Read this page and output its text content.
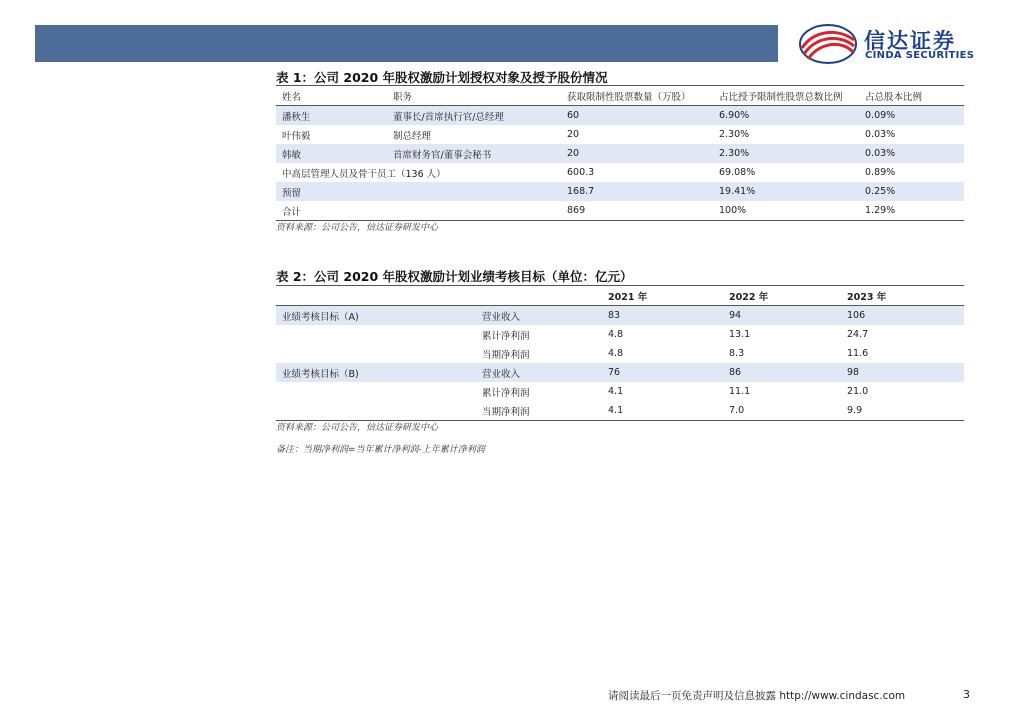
信达证券
CINDA SECURITIES
表 1：公司 2020 年股权激励计划授权对象及授予股份情况
姓名	职务	获取限制性股票数量（万股）	占比授予限制性股票总数比例	占总股本比例
潘秋生	董事长/首席执行官/总经理	60	6.90%	0.09%
叶伟毅	制总经理	20	2.30%	0.03%
韩敏	首席财务官/董事会秘书	20	2.30%	0.03%
中高层管理人员及骨干员工（136 人）		600.3	69.08%	0.89%
预留		168.7	19.41%	0.25%
合计		869	100%	1.29%
资料来源：公司公告，信达证券研发中心
表 2：公司 2020 年股权激励计划业绩考核目标（单位：亿元）
		2021 年	2022 年	2023 年
业绩考核目标（A)	营业收入	83	94	106
	累计净利润	4.8	13.1	24.7
	当期净利润	4.8	8.3	11.6
业绩考核目标（B)	营业收入	76	86	98
	累计净利润	4.1	11.1	21.0
	当期净利润	4.1	7.0	9.9
资料来源：公司公告，信达证券研发中心
备注：当期净利润=当年累计净利润-上年累计净利润
请阅读最后一页免责声明及信息披露 http://www.cindasc.com	3
